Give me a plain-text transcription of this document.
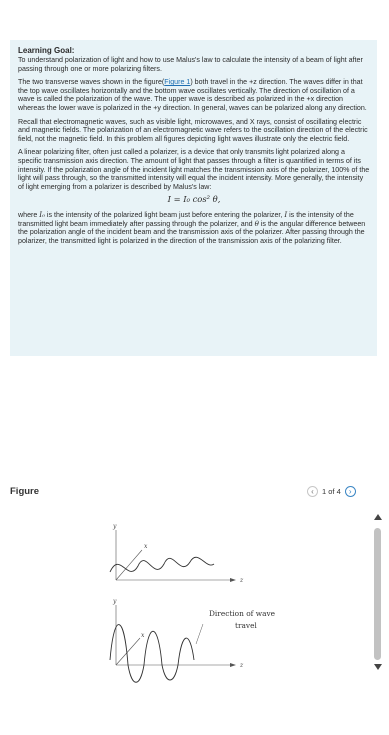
Learning Goal:

To understand polarization of light and how to use Malus's law to calculate the intensity of a beam of light after passing through one or more polarizing filters.

The two transverse waves shown in the figure(Figure 1) both travel in the +z direction. The waves differ in that the top wave oscillates horizontally and the bottom wave oscillates vertically. The direction of oscillation of a wave is called the polarization of the wave. The upper wave is described as polarized in the +x direction whereas the lower wave is polarized in the +y direction. In general, waves can be polarized along any direction.

Recall that electromagnetic waves, such as visible light, microwaves, and X rays, consist of oscillating electric and magnetic fields. The polarization of an electromagnetic wave refers to the oscillation direction of the electric field, not the magnetic field. In this problem all figures depicting light waves illustrate only the electric field.

A linear polarizing filter, often just called a polarizer, is a device that only transmits light polarized along a specific transmission axis direction. The amount of light that passes through a filter is quantified in terms of its intensity. If the polarization angle of the incident light matches the transmission axis of the polarizer, 100% of the light will pass through, so the transmitted intensity will equal the incident intensity. More generally, the intensity of light emerging from a polarizer is described by Malus's law:

I = I₀ cos² θ,

where I₀ is the intensity of the polarized light beam just before entering the polarizer, I is the intensity of the transmitted light beam immediately after passing through the polarizer, and θ is the angular difference between the polarization angle of the incident beam and the transmission axis of the polarizer. After passing through the polarizer, the transmitted light is polarized in the direction of the transmission axis of the polarizing filter.

Figure	‹	1 of 4	›
y
x
z
y
x
z
Direction of wave
travel
